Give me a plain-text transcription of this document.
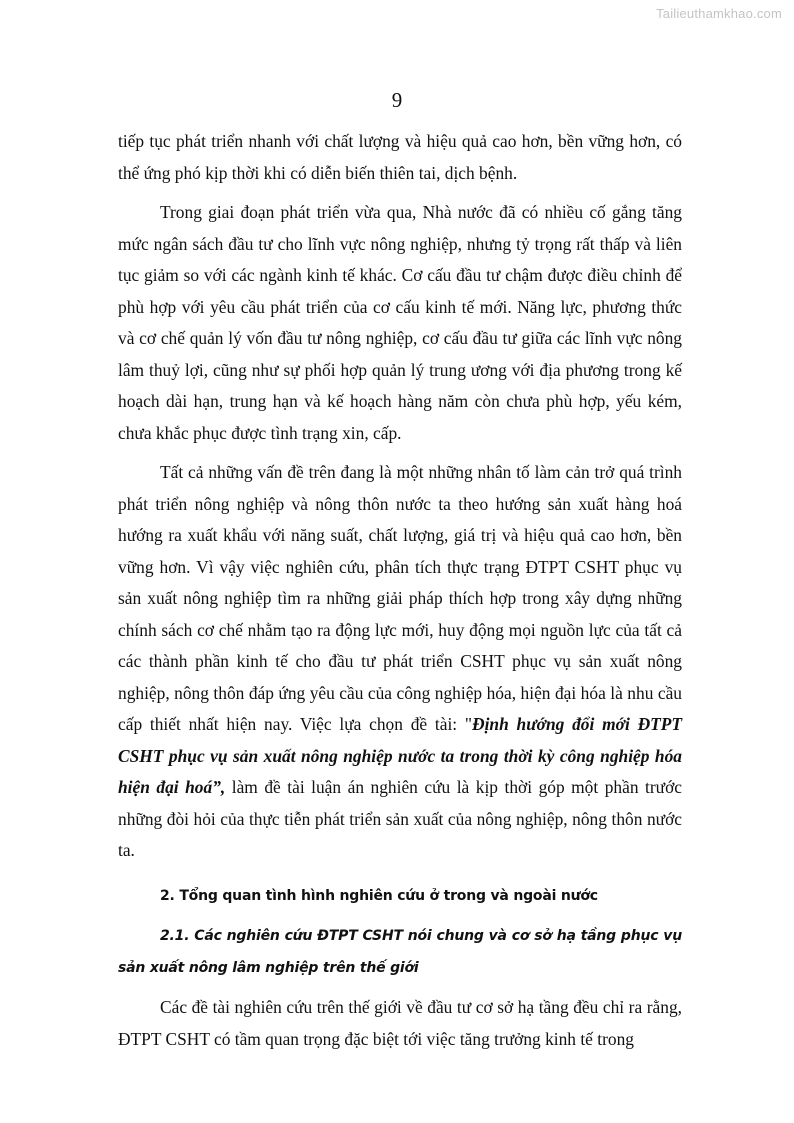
Tailieuthamkhao.com
9

tiếp tục phát triển nhanh với chất lượng và hiệu quả cao hơn, bền vững hơn, có thể ứng phó kịp thời khi có diễn biến thiên tai, dịch bệnh.

Trong giai đoạn phát triển vừa qua, Nhà nước đã có nhiều cố gắng tăng mức ngân sách đầu tư cho lĩnh vực nông nghiệp, nhưng tỷ trọng rất thấp và liên tục giảm so với các ngành kinh tế khác. Cơ cấu đầu tư chậm được điều chỉnh để phù hợp với yêu cầu phát triển của cơ cấu kinh tế mới. Năng lực, phương thức và cơ chế quản lý vốn đầu tư nông nghiệp, cơ cấu đầu tư giữa các lĩnh vực nông lâm thuỷ lợi, cũng như sự phối hợp quản lý trung ương với địa phương trong kế hoạch dài hạn, trung hạn và kế hoạch hàng năm còn chưa phù hợp, yếu kém, chưa khắc phục được tình trạng xin, cấp.

Tất cả những vấn đề trên đang là một những nhân tố làm cản trở quá trình phát triển nông nghiệp và nông thôn nước ta theo hướng sản xuất hàng hoá hướng ra xuất khẩu với năng suất, chất lượng, giá trị và hiệu quả cao hơn, bền vững hơn. Vì vậy việc nghiên cứu, phân tích thực trạng ĐTPT CSHT phục vụ sản xuất nông nghiệp tìm ra những giải pháp thích hợp trong xây dựng những chính sách cơ chế nhằm tạo ra động lực mới, huy động mọi nguồn lực của tất cả các thành phần kinh tế cho đầu tư phát triển CSHT phục vụ sản xuất nông nghiệp, nông thôn đáp ứng yêu cầu của công nghiệp hóa, hiện đại hóa là nhu cầu cấp thiết nhất hiện nay. Việc lựa chọn đề tài: "Định hướng đổi mới ĐTPT CSHT phục vụ sản xuất nông nghiệp nước ta trong thời kỳ công nghiệp hóa hiện đại hoá”, làm đề tài luận án nghiên cứu là kịp thời góp một phần trước những đòi hỏi của thực tiễn phát triển sản xuất của nông nghiệp, nông thôn nước ta.

2. Tổng quan tình hình nghiên cứu ở trong và ngoài nước

2.1. Các nghiên cứu ĐTPT CSHT nói chung và cơ sở hạ tầng phục vụ sản xuất nông lâm nghiệp trên thế giới

Các đề tài nghiên cứu trên thế giới về đầu tư cơ sở hạ tầng đều chỉ ra rằng, ĐTPT CSHT có tầm quan trọng đặc biệt tới việc tăng trưởng kinh tế trong
